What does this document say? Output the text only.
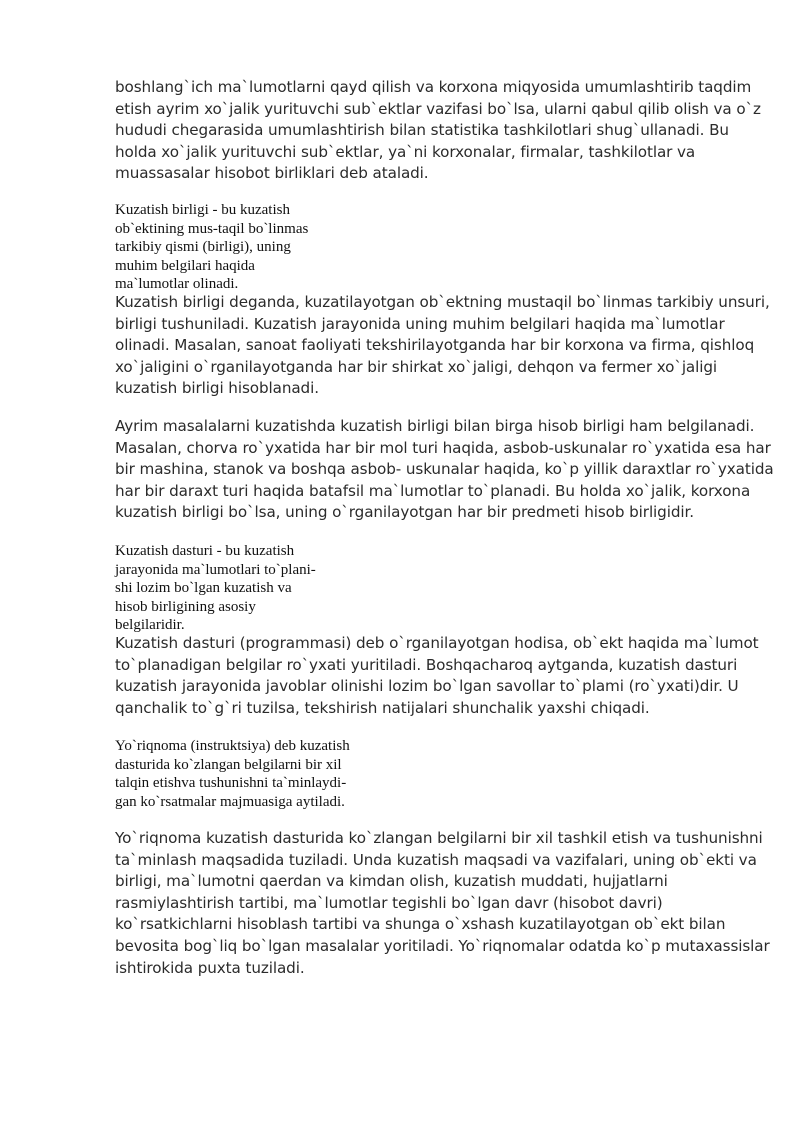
boshlang`ich ma`lumotlarni qayd qilish va korxona miqyosida umumlashtirib taqdim
etish ayrim xo`jalik yurituvchi sub`ektlar vazifasi bo`lsa, ularni qabul qilib olish va o`z
hududi chegarasida umumlashtirish bilan statistika tashkilotlari shug`ullanadi. Bu
holda xo`jalik yurituvchi sub`ektlar, ya`ni korxonalar, firmalar, tashkilotlar va
muassasalar hisobot birliklari deb ataladi.
Kuzatish birligi - bu kuzatish
ob`ektining mus-taqil bo`linmas
tarkibiy qismi (birligi), uning
muhim belgilari haqida
ma`lumotlar olinadi.
Kuzatish birligi deganda, kuzatilayotgan ob`ektning mustaqil bo`linmas tarkibiy unsuri,
birligi tushuniladi. Kuzatish jarayonida uning muhim belgilari haqida ma`lumotlar
olinadi. Masalan, sanoat faoliyati tekshirilayotganda har bir korxona va firma, qishloq
xo`jaligini o`rganilayotganda har bir shirkat xo`jaligi, dehqon va fermer xo`jaligi
kuzatish birligi hisoblanadi.
Ayrim masalalarni kuzatishda kuzatish birligi bilan birga hisob birligi ham belgilanadi.
Masalan, chorva ro`yxatida har bir mol turi haqida, asbob-uskunalar ro`yxatida esa har
bir mashina, stanok va boshqa asbob- uskunalar haqida, ko`p yillik daraxtlar ro`yxatida
har bir daraxt turi haqida batafsil ma`lumotlar to`planadi. Bu holda xo`jalik, korxona
kuzatish birligi bo`lsa, uning o`rganilayotgan har bir predmeti hisob birligidir.
Kuzatish dasturi - bu kuzatish
jarayonida ma`lumotlari to`plani-
shi lozim bo`lgan kuzatish va
hisob birligining asosiy
belgilaridir.
Kuzatish dasturi (programmasi) deb o`rganilayotgan hodisa, ob`ekt haqida ma`lumot
to`planadigan belgilar ro`yxati yuritiladi. Boshqacharoq aytganda, kuzatish dasturi
kuzatish jarayonida javoblar olinishi lozim bo`lgan savollar to`plami (ro`yxati)dir. U
qanchalik to`g`ri tuzilsa, tekshirish natijalari shunchalik yaxshi chiqadi.
Yo`riqnoma (instruktsiya) deb kuzatish
dasturida ko`zlangan belgilarni bir xil
talqin etishva tushunishni ta`minlaydi-
gan ko`rsatmalar majmuasiga aytiladi.
Yo`riqnoma kuzatish dasturida ko`zlangan belgilarni bir xil tashkil etish va tushunishni
ta`minlash maqsadida tuziladi. Unda kuzatish maqsadi va vazifalari, uning ob`ekti va
birligi, ma`lumotni qaerdan va kimdan olish, kuzatish muddati, hujjatlarni
rasmiylashtirish tartibi, ma`lumotlar tegishli bo`lgan davr (hisobot davri)
ko`rsatkichlarni hisoblash tartibi va shunga o`xshash kuzatilayotgan ob`ekt bilan
bevosita bog`liq bo`lgan masalalar yoritiladi. Yo`riqnomalar odatda ko`p mutaxassislar
ishtirokida puxta tuziladi.
